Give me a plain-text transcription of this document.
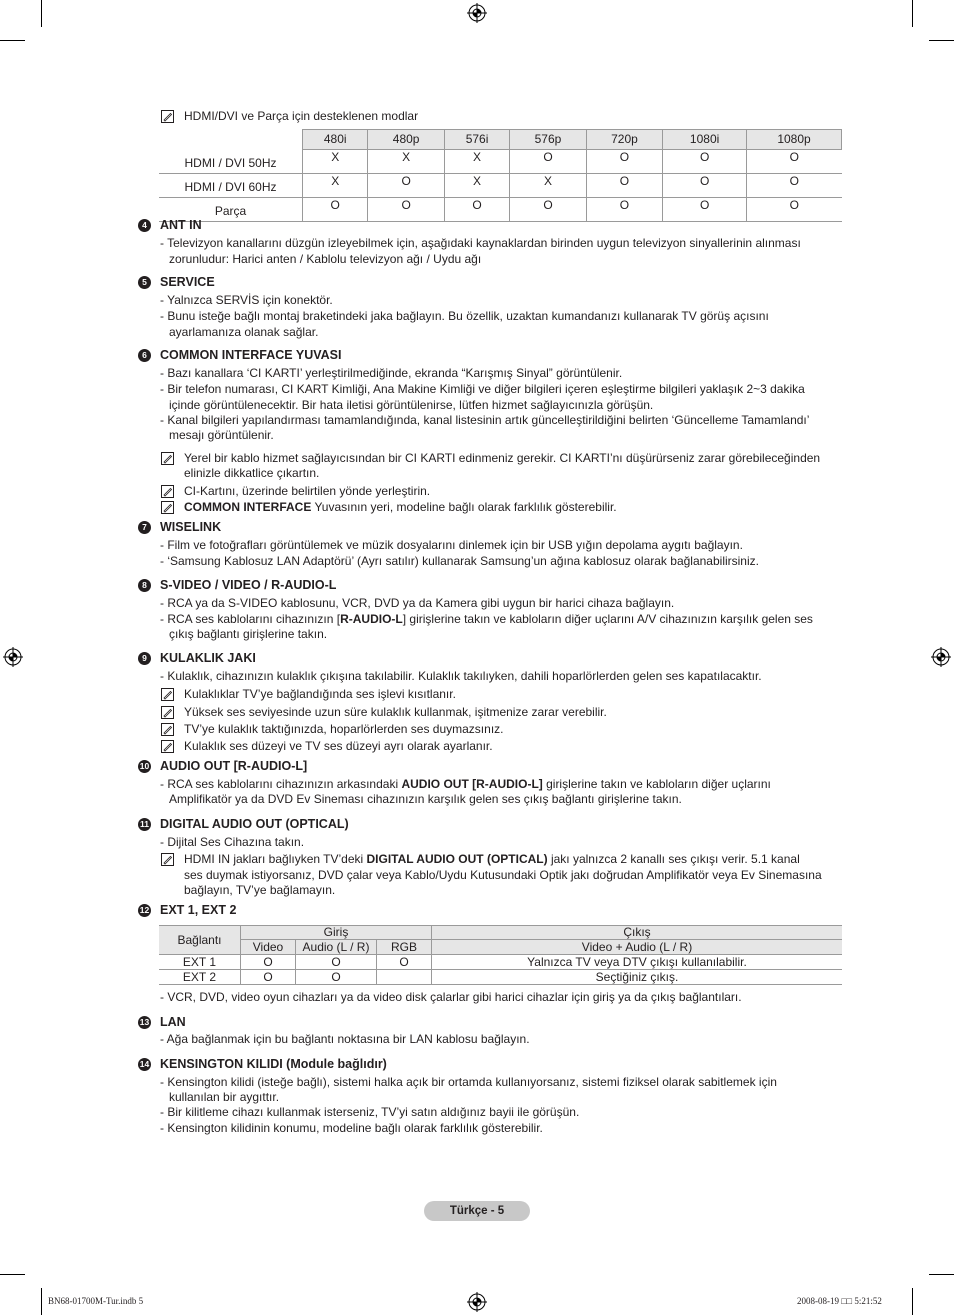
HDMI/DVI ve Parça için desteklenen modlar
	480i	480p	576i	576p	720p	1080i	1080p
HDMI / DVI 50Hz	X	X	X	O	O	O	O
HDMI / DVI 60Hz	X	O	X	X	O	O	O
Parça	O	O	O	O	O	O	O
4	ANT IN
- Televizyon kanallarını düzgün izleyebilmek için, aşağıdaki kaynaklardan birinden uygun televizyon sinyallerinin alınması
zorunludur: Harici anten / Kablolu televizyon ağı / Uydu ağı
5	SERVICE
- Yalnızca SERVİS için konektör.
- Bunu isteğe bağlı montaj braketindeki jaka bağlayın. Bu özellik, uzaktan kumandanızı kullanarak TV görüş açısını
ayarlamanıza olanak sağlar.
6	COMMON INTERFACE YUVASI
- Bazı kanallara ‘CI KARTI’ yerleştirilmediğinde, ekranda “Karışmış Sinyal” görüntülenir.
- Bir telefon numarası, CI KART Kimliği, Ana Makine Kimliği ve diğer bilgileri içeren eşleştirme bilgileri yaklaşık 2~3 dakika
içinde görüntülenecektir. Bir hata iletisi görüntülenirse, lütfen hizmet sağlayıcınızla görüşün.
- Kanal bilgileri yapılandırması tamamlandığında, kanal listesinin artık güncelleştirildiğini belirten ‘Güncelleme Tamamlandı’
mesajı görüntülenir.
Yerel bir kablo hizmet sağlayıcısından bir CI KARTI edinmeniz gerekir. CI KARTI’nı düşürürseniz zarar görebileceğinden
elinizle dikkatlice çıkartın.
CI-Kartını, üzerinde belirtilen yönde yerleştirin.
COMMON INTERFACE Yuvasının yeri, modeline bağlı olarak farklılık gösterebilir.
7	WISELINK
- Film ve fotoğrafları görüntülemek ve müzik dosyalarını dinlemek için bir USB yığın depolama aygıtı bağlayın.
- ‘Samsung Kablosuz LAN Adaptörü’ (Ayrı satılır) kullanarak Samsung’un ağına kablosuz olarak bağlanabilirsiniz.
8	S-VIDEO / VIDEO / R-AUDIO-L
- RCA ya da S-VIDEO kablosunu, VCR, DVD ya da Kamera gibi uygun bir harici cihaza bağlayın.
- RCA ses kablolarını cihazınızın [R-AUDIO-L] girişlerine takın ve kabloların diğer uçlarını A/V cihazınızın karşılık gelen ses
çıkış bağlantı girişlerine takın.
9	KULAKLIK JAKI
- Kulaklık, cihazınızın kulaklık çıkışına takılabilir. Kulaklık takılıyken, dahili hoparlörlerden gelen ses kapatılacaktır.
Kulaklıklar TV’ye bağlandığında ses işlevi kısıtlanır.
Yüksek ses seviyesinde uzun süre kulaklık kullanmak, işitmenize zarar verebilir.
TV’ye kulaklık taktığınızda, hoparlörlerden ses duymazsınız.
Kulaklık ses düzeyi ve TV ses düzeyi ayrı olarak ayarlanır.
10 AUDIO OUT [R-AUDIO-L]
- RCA ses kablolarını cihazınızın arkasındaki AUDIO OUT [R-AUDIO-L] girişlerine takın ve kabloların diğer uçlarını
Amplifikatör ya da DVD Ev Sineması cihazınızın karşılık gelen ses çıkış bağlantı girişlerine takın.
11 DIGITAL AUDIO OUT (OPTICAL)
- Dijital Ses Cihazına takın.
HDMI IN jakları bağlıyken TV’deki DIGITAL AUDIO OUT (OPTICAL) jakı yalnızca 2 kanallı ses çıkışı verir. 5.1 kanal
ses duymak istiyorsanız, DVD çalar veya Kablo/Uydu Kutusundaki Optik jakı doğrudan Amplifikatör veya Ev Sinemasına
bağlayın, TV’ye bağlamayın.
12 EXT 1, EXT 2
Bağlantı	Giriş			Çıkış
	Video	Audio (L / R)	RGB	Video + Audio (L / R)
EXT 1	O	O	O	Yalnızca TV veya DTV çıkışı kullanılabilir.
EXT 2	O	O		Seçtiğiniz çıkış.
- VCR, DVD, video oyun cihazları ya da video disk çalarlar gibi harici cihazlar için giriş ya da çıkış bağlantıları.
13 LAN
- Ağa bağlanmak için bu bağlantı noktasına bir LAN kablosu bağlayın.
14 KENSINGTON KILIDI (Module bağlıdır)
- Kensington kilidi (isteğe bağlı), sistemi halka açık bir ortamda kullanıyorsanız, sistemi fiziksel olarak sabitlemek için
kullanılan bir aygıttır.
- Bir kilitleme cihazı kullanmak isterseniz, TV’yi satın aldığınız bayii ile görüşün.
- Kensington kilidinin konumu, modeline bağlı olarak farklılık gösterebilir.
Türkçe - 5
BN68-01700M-Tur.indb 5	2008-08-19 □□ 5:21:52
